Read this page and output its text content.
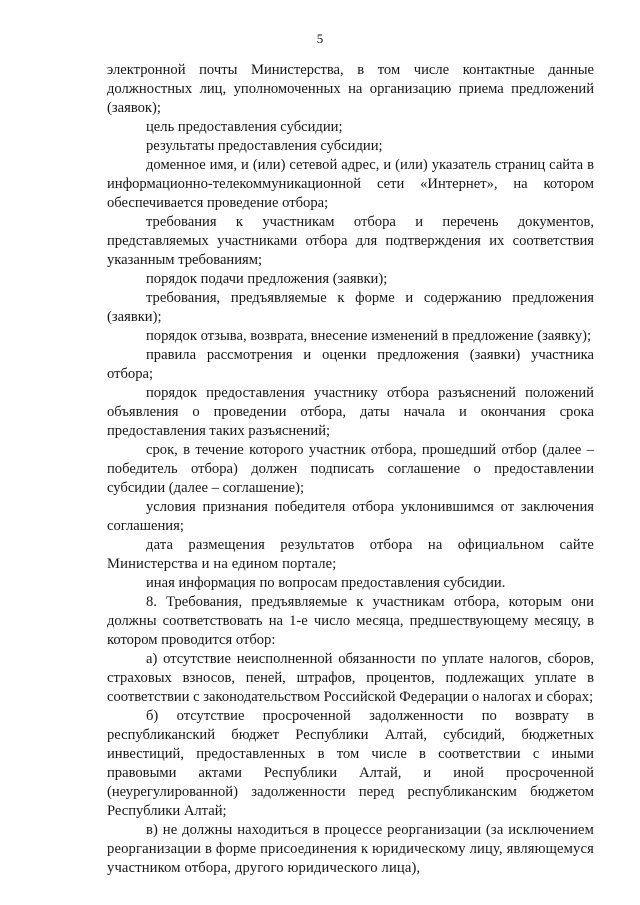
5

электронной почты Министерства, в том числе контактные данные должностных лиц, уполномоченных на организацию приема предложений (заявок);

цель предоставления субсидии;

результаты предоставления субсидии;

доменное имя, и (или) сетевой адрес, и (или) указатель страниц сайта в информационно-телекоммуникационной сети «Интернет», на котором обеспечивается проведение отбора;

требования к участникам отбора и перечень документов, представляемых участниками отбора для подтверждения их соответствия указанным требованиям;

порядок подачи предложения (заявки);

требования, предъявляемые к форме и содержанию предложения (заявки);

порядок отзыва, возврата, внесение изменений в предложение (заявку);

правила рассмотрения и оценки предложения (заявки) участника отбора;

порядок предоставления участнику отбора разъяснений положений объявления о проведении отбора, даты начала и окончания срока предоставления таких разъяснений;

срок, в течение которого участник отбора, прошедший отбор (далее – победитель отбора) должен подписать соглашение о предоставлении субсидии (далее – соглашение);

условия признания победителя отбора уклонившимся от заключения соглашения;

дата размещения результатов отбора на официальном сайте Министерства и на едином портале;

иная информация по вопросам предоставления субсидии.

8. Требования, предъявляемые к участникам отбора, которым они должны соответствовать на 1-е число месяца, предшествующему месяцу, в котором проводится отбор:

а) отсутствие неисполненной обязанности по уплате налогов, сборов, страховых взносов, пеней, штрафов, процентов, подлежащих уплате в соответствии с законодательством Российской Федерации о налогах и сборах;

б) отсутствие просроченной задолженности по возврату в республиканский бюджет Республики Алтай, субсидий, бюджетных инвестиций, предоставленных в том числе в соответствии с иными правовыми актами Республики Алтай, и иной просроченной (неурегулированной) задолженности перед республиканским бюджетом Республики Алтай;

в) не должны находиться в процессе реорганизации (за исключением реорганизации в форме присоединения к юридическому лицу, являющемуся участником отбора, другого юридического лица),
